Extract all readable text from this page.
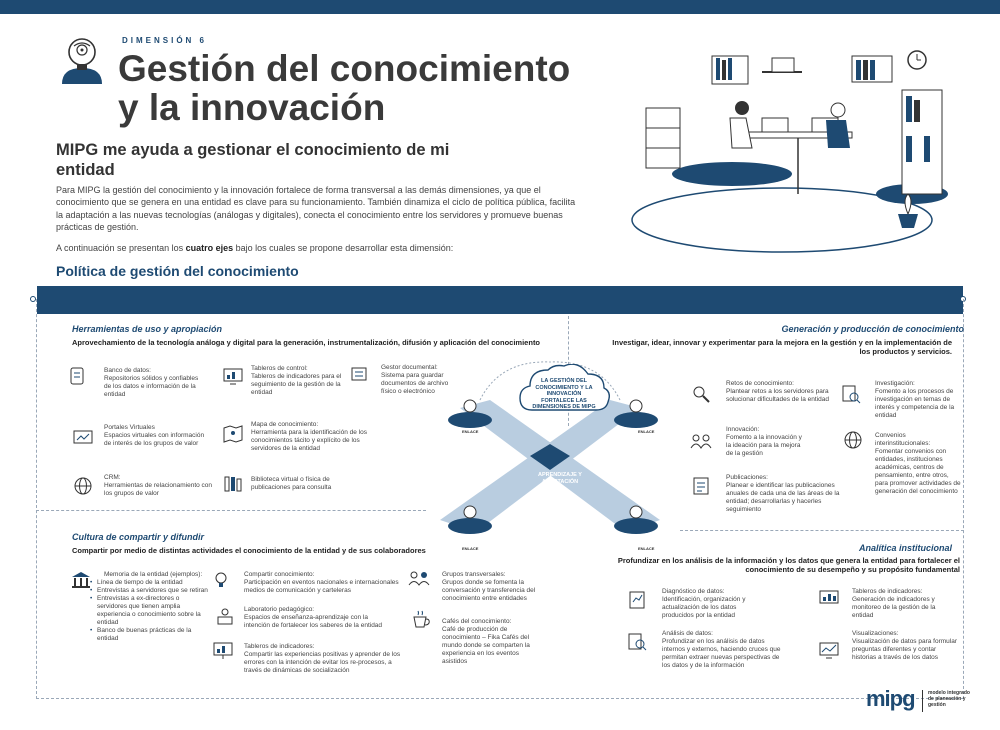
DIMENSIÓN 6
Gestión del conocimiento
y la innovación
MIPG me ayuda a gestionar el conocimiento de mi entidad
Para MIPG la gestión del conocimiento y la innovación fortalece de forma transversal a las demás dimensiones, ya que el conocimiento que se genera en una entidad es clave para su funcionamiento. También dinamiza el ciclo de política pública, facilita la adaptación a las nuevas tecnologías (análogas y digitales), conecta el conocimiento entre los servidores y promueve buenas prácticas de gestión.
A continuación se presentan los cuatro ejes bajo los cuales se propone desarrollar esta dimensión:
Política de gestión del conocimiento
LA GESTIÓN DEL CONOCIMIENTO Y LA INNOVACIÓN FORTALECE LAS DIMENSIONES DE MIPG
APRENDIZAJE Y ADAPTACIÓN
ENLACE	ENLACE
ENLACE	ENLACE
Herramientas de uso y apropiación
Aprovechamiento de la tecnología análoga y digital para la generación, instrumentalización, difusión y aplicación del conocimiento
Banco de datos:
Repositorios sólidos y confiables de los datos e información de la entidad
Tableros de control:
Tableros de indicadores para el seguimiento de la gestión de la entidad
Gestor documental:
Sistema para guardar documentos de archivo físico o electrónico
Portales Virtuales
Espacios virtuales con información de interés de los grupos de valor
Mapa de conocimiento:
Herramienta para la identificación de los conocimientos tácito y explícito de los servidores de la entidad
CRM:
Herramientas de relacionamiento con los grupos de valor
Biblioteca virtual o física de publicaciones para consulta
Generación y producción de conocimiento
Investigar, idear, innovar y experimentar para la mejora en la gestión y en la implementación de los productos y servicios.
Retos de conocimiento:
Plantear retos a los servidores para solucionar dificultades de la entidad
Investigación:
Fomento a los procesos de investigación en temas de interés y competencia de la entidad
Innovación:
Fomento a la innovación y la ideación para la mejora de la gestión
Convenios interinstitucionales:
Fomentar convenios con entidades, instituciones académicas, centros de pensamiento, entre otros, para promover actividades de generación del conocimiento
Publicaciones:
Planear e identificar las publicaciones anuales de cada una de las áreas de la entidad; desarrollarlas y hacerles seguimiento
Cultura de compartir y difundir
Compartir por medio de distintas actividades el conocimiento de la entidad y de sus colaboradores
Memoria de la entidad (ejemplos):
• Línea de tiempo de la entidad
• Entrevistas a servidores que se retiran
• Entrevistas a ex-directores o servidores que tienen amplia experiencia o conocimiento sobre la entidad
• Banco de buenas prácticas de la entidad
Compartir conocimiento:
Participación en eventos nacionales e internacionales medios de comunicación y carteleras
Grupos transversales:
Grupos donde se fomenta la conversación y transferencia del conocimiento entre entidades
Laboratorio pedagógico:
Espacios de enseñanza-aprendizaje con la intención de fortalecer los saberes de la entidad
Cafés del conocimiento:
Café de producción de conocimiento – Fika Cafés del mundo donde se comparten la experiencia en los eventos asistidos
Tableros de indicadores:
Compartir las experiencias positivas y aprender de los errores con la intención de evitar los re-procesos, a través de dinámicas de socialización
Analítica institucional
Profundizar en los análisis de la información y los datos que genera la entidad para fortalecer el conocimiento de su desempeño y su propósito fundamental
Diagnóstico de datos:
Identificación, organización y actualización de los datos producidos por la entidad
Tableros de indicadores:
Generación de indicadores y monitoreo de la gestión de la entidad
Análisis de datos:
Profundizar en los análisis de datos internos y externos, haciendo cruces que permitan extraer nuevas perspectivas de los datos y de la información
Visualizaciones:
Visualización de datos para formular preguntas diferentes y contar historias a través de los datos
mipg	modelo integrado de planeación y gestión
